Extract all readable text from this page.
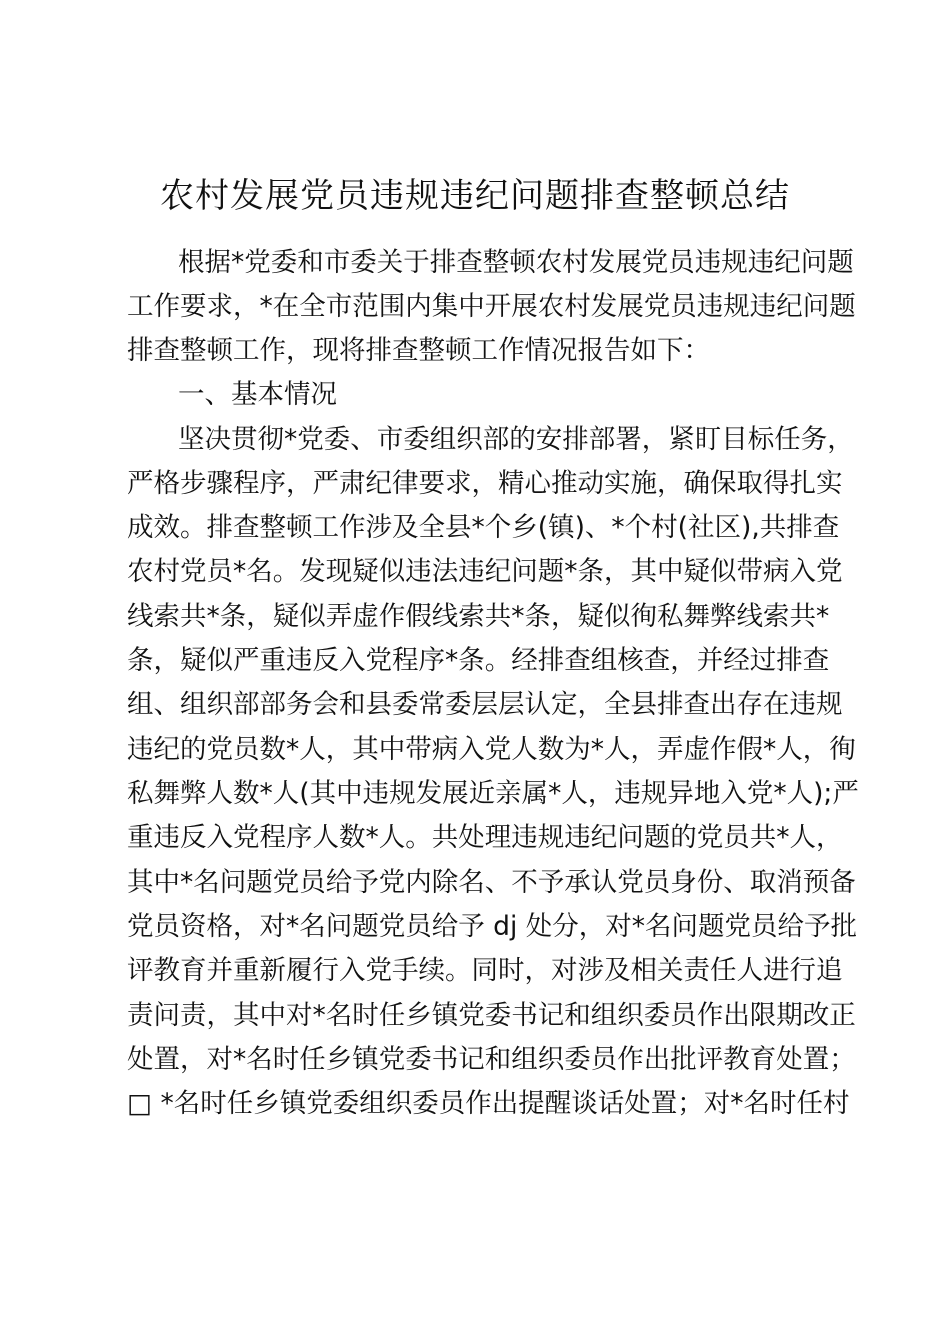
农村发展党员违规违纪问题排查整顿总结

根据*党委和市委关于排查整顿农村发展党员违规违纪问题

工作要求，*在全市范围内集中开展农村发展党员违规违纪问题

排查整顿工作，现将排查整顿工作情况报告如下：

一、基本情况

坚决贯彻*党委、市委组织部的安排部署，紧盯目标任务，

严格步骤程序，严肃纪律要求，精心推动实施，确保取得扎实

成效。排查整顿工作涉及全县*个乡(镇)、*个村(社区),共排查

农村党员*名。发现疑似违法违纪问题*条，其中疑似带病入党

线索共*条，疑似弄虚作假线索共*条，疑似徇私舞弊线索共*

条，疑似严重违反入党程序*条。经排查组核查，并经过排查

组、组织部部务会和县委常委层层认定，全县排查出存在违规

违纪的党员数*人，其中带病入党人数为*人，弄虚作假*人，徇

私舞弊人数*人(其中违规发展近亲属*人，违规异地入党*人);严

重违反入党程序人数*人。共处理违规违纪问题的党员共*人，

其中*名问题党员给予党内除名、不予承认党员身份、取消预备

党员资格，对*名问题党员给予 dj 处分，对*名问题党员给予批

评教育并重新履行入党手续。同时，对涉及相关责任人进行追

责问责，其中对*名时任乡镇党委书记和组织委员作出限期改正

处置，对*名时任乡镇党委书记和组织委员作出批评教育处置；

□ *名时任乡镇党委组织委员作出提醒谈话处置；对*名时任村
